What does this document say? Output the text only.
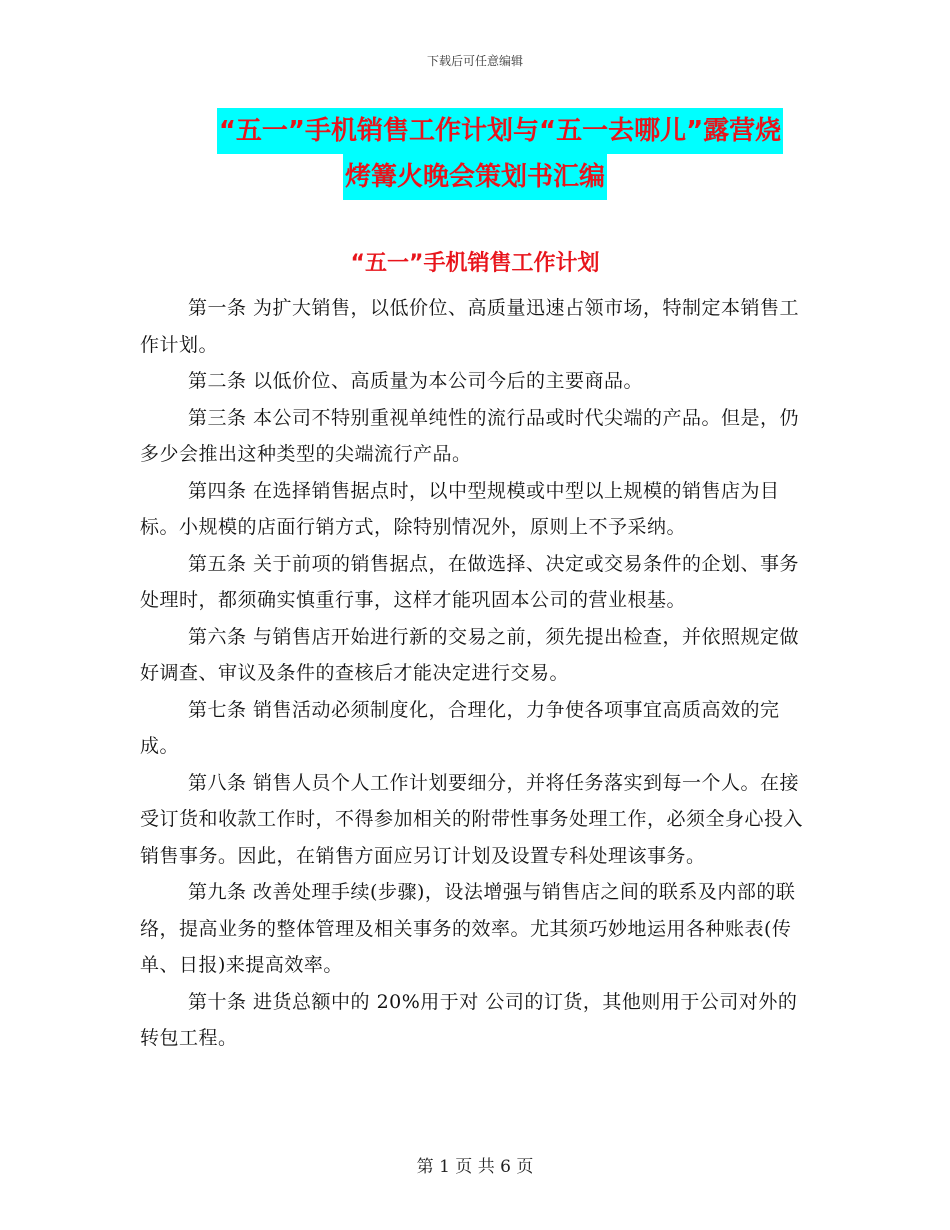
下载后可任意编辑
“五一”手机销售工作计划与“五一去哪儿”露营烧
烤篝火晚会策划书汇编
“五一”手机销售工作计划

第一条 为扩大销售，以低价位、高质量迅速占领市场，特制定本销售工作计划。

第二条 以低价位、高质量为本公司今后的主要商品。

第三条 本公司不特别重视单纯性的流行品或时代尖端的产品。但是，仍多少会推出这种类型的尖端流行产品。

第四条 在选择销售据点时，以中型规模或中型以上规模的销售店为目标。小规模的店面行销方式，除特别情况外，原则上不予采纳。

第五条 关于前项的销售据点，在做选择、决定或交易条件的企划、事务处理时，都须确实慎重行事，这样才能巩固本公司的营业根基。

第六条 与销售店开始进行新的交易之前，须先提出检查，并依照规定做好调查、审议及条件的查核后才能决定进行交易。

第七条 销售活动必须制度化，合理化，力争使各项事宜高质高效的完成。

第八条 销售人员个人工作计划要细分，并将任务落实到每一个人。在接受订货和收款工作时，不得参加相关的附带性事务处理工作，必须全身心投入销售事务。因此，在销售方面应另订计划及设置专科处理该事务。

第九条 改善处理手续(步骤)，设法增强与销售店之间的联系及内部的联络，提高业务的整体管理及相关事务的效率。尤其须巧妙地运用各种账表(传单、日报)来提高效率。

第十条 进货总额中的 20%用于对 公司的订货，其他则用于公司对外的转包工程。

第 1 页 共 6 页
